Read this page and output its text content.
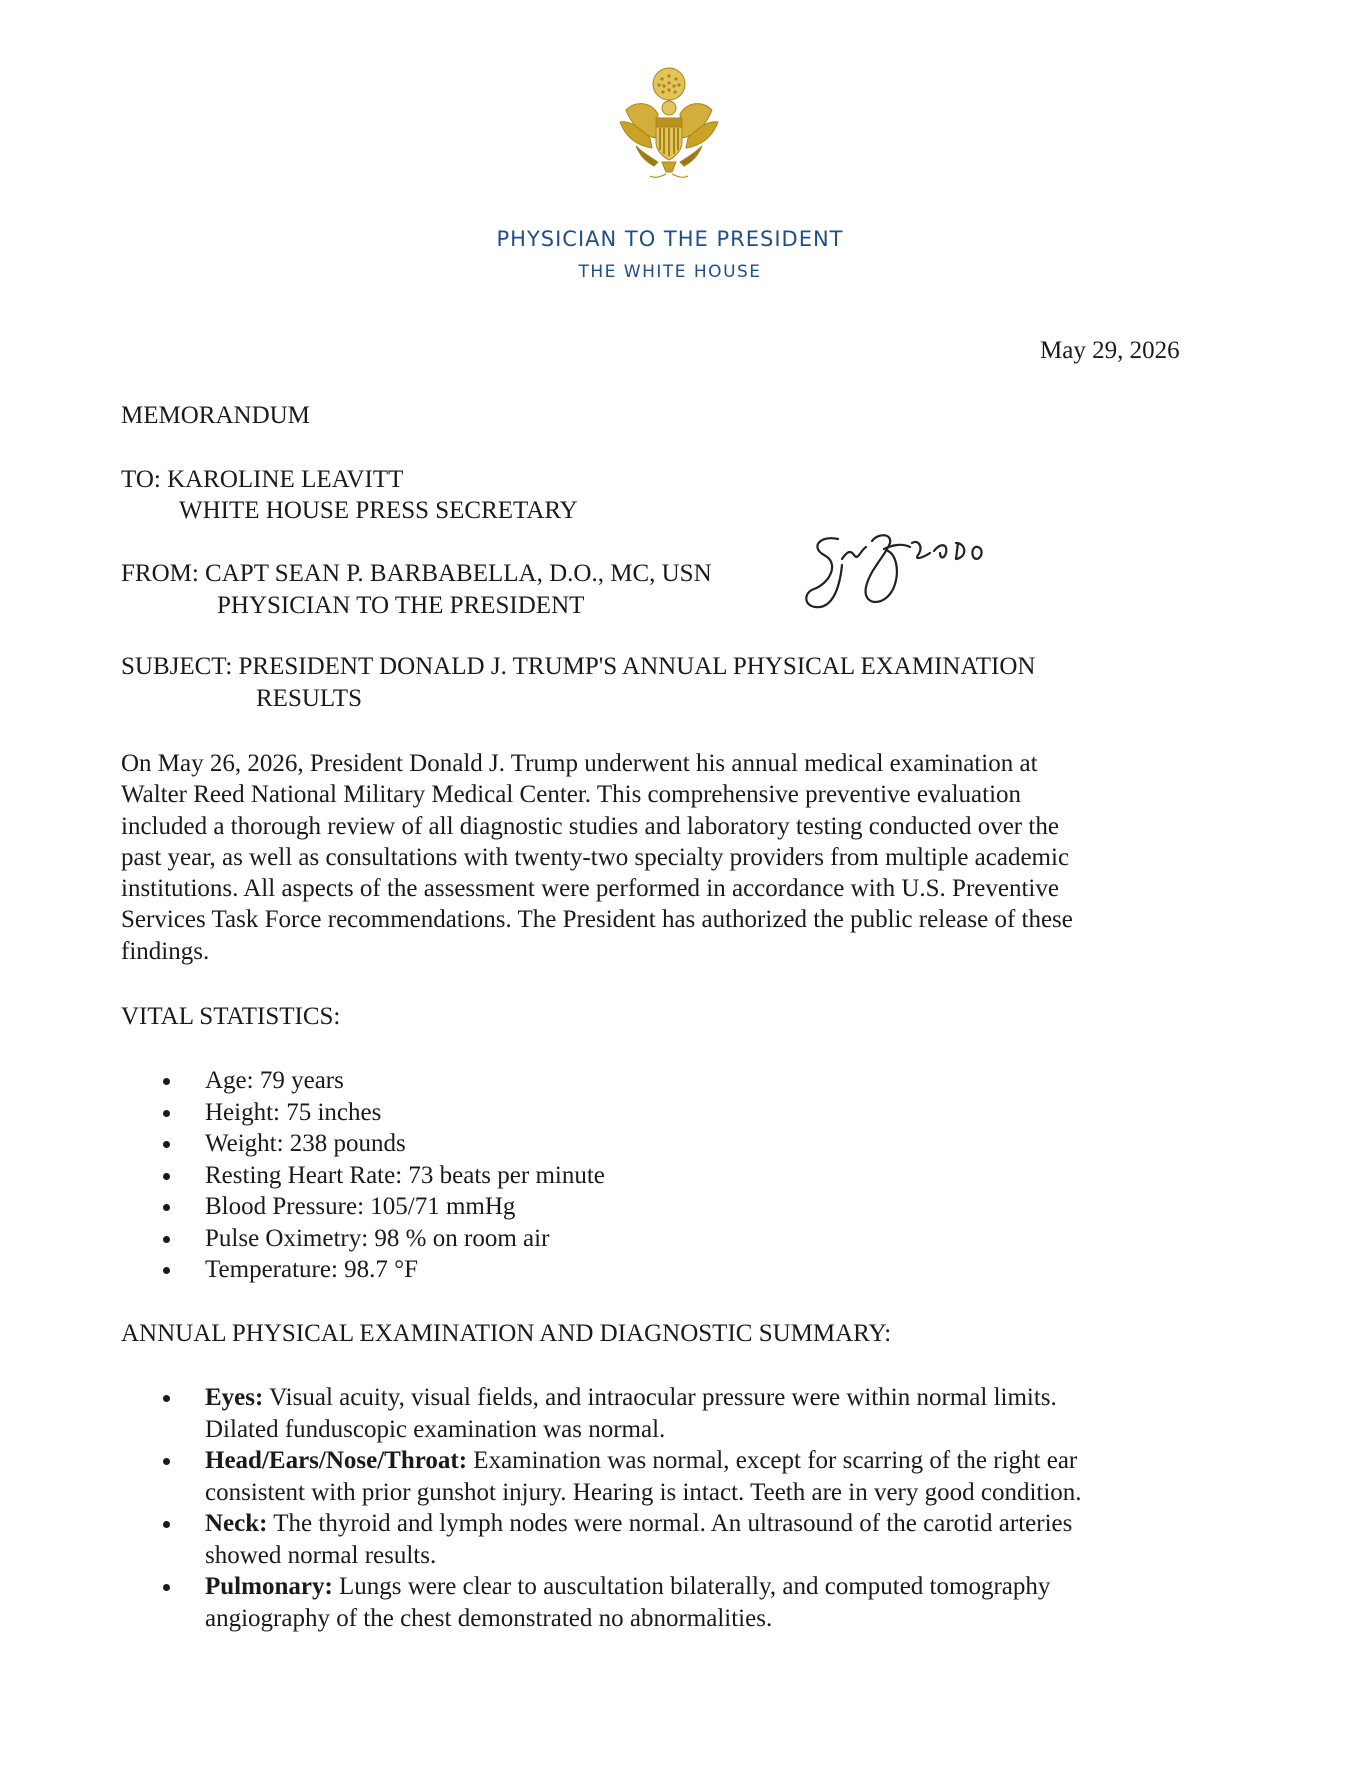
PHYSICIAN TO THE PRESIDENT
THE WHITE HOUSE
May 29, 2026
MEMORANDUM
TO: KAROLINE LEAVITT
WHITE HOUSE PRESS SECRETARY
FROM: CAPT SEAN P. BARBABELLA, D.O., MC, USN
PHYSICIAN TO THE PRESIDENT
SUBJECT: PRESIDENT DONALD J. TRUMP'S ANNUAL PHYSICAL EXAMINATION
RESULTS
On May 26, 2026, President Donald J. Trump underwent his annual medical examination at
Walter Reed National Military Medical Center. This comprehensive preventive evaluation
included a thorough review of all diagnostic studies and laboratory testing conducted over the
past year, as well as consultations with twenty-two specialty providers from multiple academic
institutions. All aspects of the assessment were performed in accordance with U.S. Preventive
Services Task Force recommendations. The President has authorized the public release of these
findings.
VITAL STATISTICS:
Age: 79 years
Height: 75 inches
Weight: 238 pounds
Resting Heart Rate: 73 beats per minute
Blood Pressure: 105/71 mmHg
Pulse Oximetry: 98 % on room air
Temperature: 98.7 °F
ANNUAL PHYSICAL EXAMINATION AND DIAGNOSTIC SUMMARY:
Eyes: Visual acuity, visual fields, and intraocular pressure were within normal limits.
Dilated funduscopic examination was normal.
Head/Ears/Nose/Throat: Examination was normal, except for scarring of the right ear
consistent with prior gunshot injury. Hearing is intact. Teeth are in very good condition.
Neck: The thyroid and lymph nodes were normal. An ultrasound of the carotid arteries
showed normal results.
Pulmonary: Lungs were clear to auscultation bilaterally, and computed tomography
angiography of the chest demonstrated no abnormalities.
